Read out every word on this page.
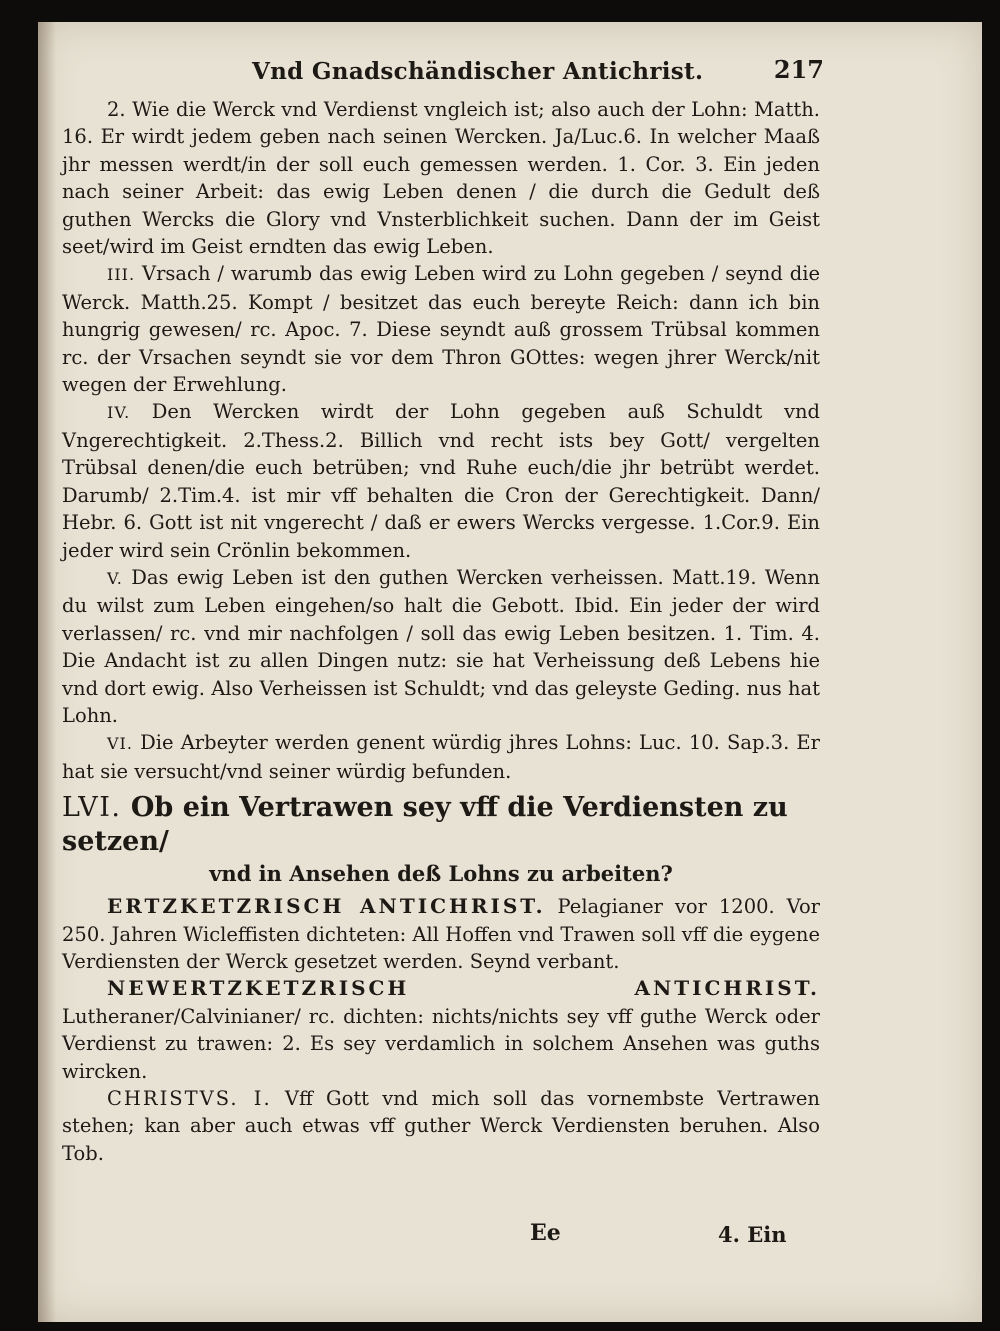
Vnd Gnadschändischer Antichrist.	217

2. Wie die Werck vnd Verdienst vngleich ist; also auch der Lohn: Matth. 16. Er wirdt jedem geben nach seinen Wercken. Ja/Luc.6. In welcher Maaß jhr messen werdt/in der soll euch gemessen werden. 1. Cor. 3. Ein jeden nach seiner Arbeit: das ewig Leben denen / die durch die Gedult deß guthen Wercks die Glory vnd Vnsterblichkeit suchen. Dann der im Geist seet/wird im Geist erndten das ewig Leben.

III. Vrsach / warumb das ewig Leben wird zu Lohn gegeben / seynd die Werck. Matth.25. Kompt / besitzet das euch bereyte Reich: dann ich bin hungrig gewesen/ rc. Apoc. 7. Diese seyndt auß grossem Trübsal kommen rc. der Vrsachen seyndt sie vor dem Thron GOttes: wegen jhrer Werck/nit wegen der Erwehlung.

IV. Den Wercken wirdt der Lohn gegeben auß Schuldt vnd Vngerechtigkeit. 2.Thess.2. Billich vnd recht ists bey Gott/ vergelten Trübsal denen/die euch betrüben; vnd Ruhe euch/die jhr betrübt werdet. Darumb/ 2.Tim.4. ist mir vff behalten die Cron der Gerechtigkeit. Dann/ Hebr. 6. Gott ist nit vngerecht / daß er ewers Wercks vergesse. 1.Cor.9. Ein jeder wird sein Crönlin bekommen.

V. Das ewig Leben ist den guthen Wercken verheissen. Matt.19. Wenn du wilst zum Leben eingehen/so halt die Gebott. Ibid. Ein jeder der wird verlassen/ rc. vnd mir nachfolgen / soll das ewig Leben besitzen. 1. Tim. 4. Die Andacht ist zu allen Dingen nutz: sie hat Verheissung deß Lebens hie vnd dort ewig. Also Verheissen ist Schuldt; vnd das geleyste Geding. nus hat Lohn.

VI. Die Arbeyter werden genent würdig jhres Lohns: Luc. 10. Sap.3. Er hat sie versucht/vnd seiner würdig befunden.

LVI. Ob ein Vertrawen sey vff die Verdiensten zu setzen/

vnd in Ansehen deß Lohns zu arbeiten?

ERTZKETZRISCH ANTICHRIST. Pelagianer vor 1200. Vor 250. Jahren Wicleffisten dichteten: All Hoffen vnd Trawen soll vff die eygene Verdiensten der Werck gesetzet werden. Seynd verbant.

NEWERTZKETZRISCH ANTICHRIST. Lutheraner/Calvinianer/ rc. dichten: nichts/nichts sey vff guthe Werck oder Verdienst zu trawen: 2. Es sey verdamlich in solchem Ansehen was guths wircken.

CHRISTVS. I. Vff Gott vnd mich soll das vornembste Vertrawen stehen; kan aber auch etwas vff guther Werck Verdiensten beruhen. Also Tob.

Ee	4. Ein
